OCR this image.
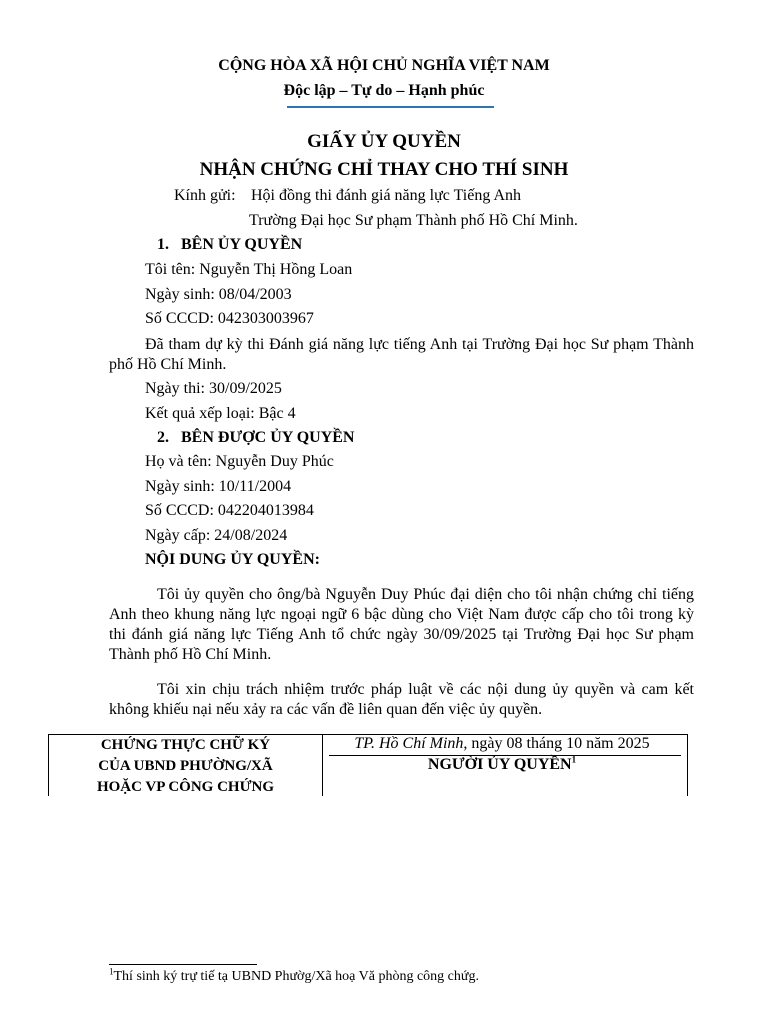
CỘNG HÒA XÃ HỘI CHỦ NGHĨA VIỆT NAM
Độc lập – Tự do – Hạnh phúc
GIẤY ỦY QUYỀN
NHẬN CHỨNG CHỈ THAY CHO THÍ SINH
Kính gửi: Hội đồng thi đánh giá năng lực Tiếng Anh
Trường Đại học Sư phạm Thành phố Hồ Chí Minh.
1.   BÊN ỦY QUYỀN
Tôi tên: Nguyễn Thị Hồng Loan
Ngày sinh: 08/04/2003
Số CCCD: 042303003967
Đã tham dự kỳ thi Đánh giá năng lực tiếng Anh tại Trường Đại học Sư phạm Thành phố Hồ Chí Minh.
Ngày thi: 30/09/2025
Kết quả xếp loại: Bậc 4
2.   BÊN ĐƯỢC ỦY QUYỀN
Họ và tên: Nguyễn Duy Phúc
Ngày sinh: 10/11/2004
Số CCCD: 042204013984
Ngày cấp: 24/08/2024
NỘI DUNG ỦY QUYỀN:
Tôi ủy quyền cho ông/bà Nguyễn Duy Phúc đại diện cho tôi nhận chứng chỉ tiếng Anh theo khung năng lực ngoại ngữ 6 bậc dùng cho Việt Nam được cấp cho tôi trong kỳ thi đánh giá năng lực Tiếng Anh tổ chức ngày 30/09/2025 tại Trường Đại học Sư phạm Thành phố Hồ Chí Minh.
Tôi xin chịu trách nhiệm trước pháp luật về các nội dung ủy quyền và cam kết không khiếu nại nếu xảy ra các vấn đề liên quan đến việc ủy quyền.
CHỨNG THỰC CHỮ KÝ
CỦA UBND PHƯỜNG/XÃ
HOẶC VP CÔNG CHỨNG
TP. Hồ Chí Minh, ngày 08 tháng 10 năm 2025
NGƯỜI ỦY QUYỀN$^1$
$^1$Thí sinh ký trự tiế tạ UBND Phườg/Xã hoạ Vă phòng công chứg.
